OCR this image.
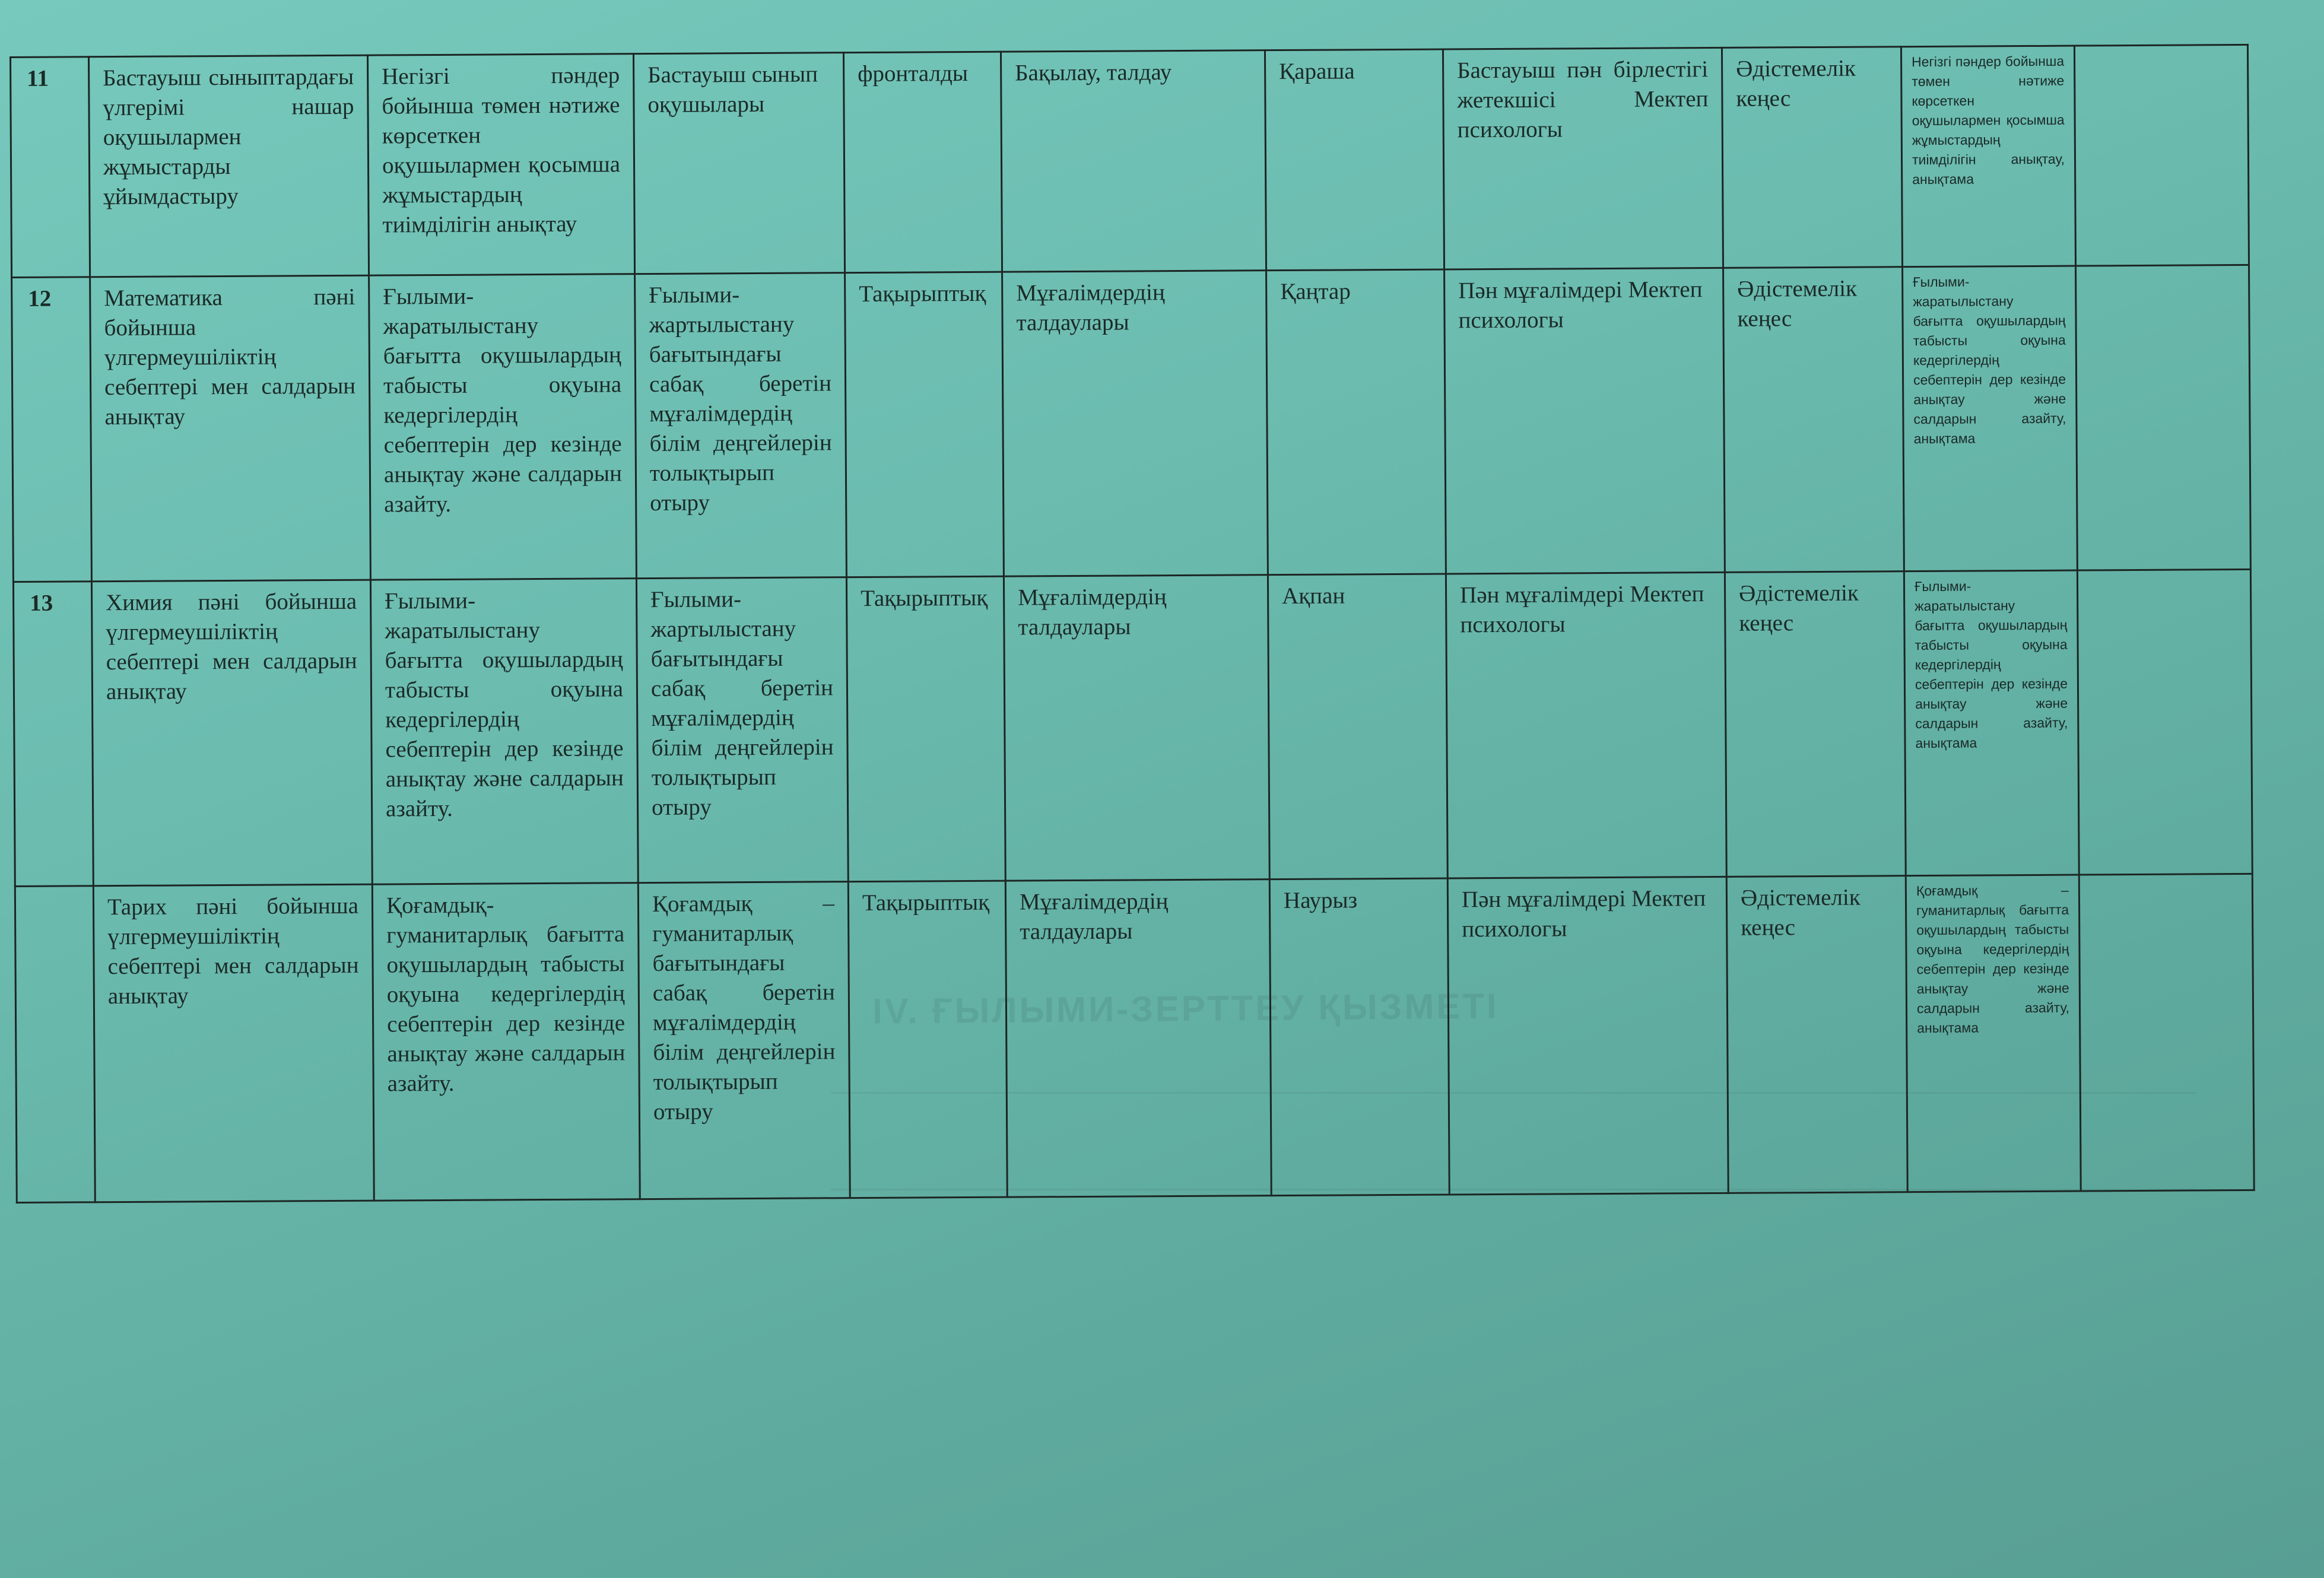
IV. ҒЫЛЫМИ-ЗЕРТТЕУ ҚЫЗМЕТІ
11	Бастауыш сыныптардағы үлгерімі нашар оқушылармен жұмыстарды ұйымдастыру	Негізгі пәндер бойынша төмен нәтиже көрсеткен оқушылармен қосымша жұмыстардың тиімділігін анықтау	Бастауыш сынып оқушылары	фронталды	Бақылау, талдау	Қараша	Бастауыш пән бірлестігі жетекшісі Мектеп психологы	Әдістемелік кеңес	Негізгі пәндер бойынша төмен нәтиже көрсеткен оқушылармен қосымша жұмыстардың тиімділігін анықтау, анықтама	
12	Математика пәні бойынша үлгермеушіліктің себептері мен салдарын анықтау	Ғылыми-жаратылыстану бағытта оқушылардың табысты оқуына кедергілердің себептерін дер кезінде анықтау және салдарын азайту.	Ғылыми-жартылыстану бағытындағы сабақ беретін мұғалімдердің білім деңгейлерін толықтырып отыру	Тақырыптық	Мұғалімдердің талдаулары	Қаңтар	Пән мұғалімдері Мектеп психологы	Әдістемелік кеңес	Ғылыми-жаратылыстану бағытта оқушылардың табысты оқуына кедергілердің себептерін дер кезінде анықтау және салдарын азайту, анықтама	
13	Химия пәні бойынша үлгермеушіліктің себептері мен салдарын анықтау	Ғылыми-жаратылыстану бағытта оқушылардың табысты оқуына кедергілердің себептерін дер кезінде анықтау және салдарын азайту.	Ғылыми-жартылыстану бағытындағы сабақ беретін мұғалімдердің білім деңгейлерін толықтырып отыру	Тақырыптық	Мұғалімдердің талдаулары	Ақпан	Пән мұғалімдері Мектеп психологы	Әдістемелік кеңес	Ғылыми-жаратылыстану бағытта оқушылардың табысты оқуына кедергілердің себептерін дер кезінде анықтау және салдарын азайту, анықтама	
	Тарих пәні бойынша үлгермеушіліктің себептері мен салдарын анықтау	Қоғамдық-гуманитарлық бағытта оқушылардың табысты оқуына кедергілердің себептерін дер кезінде анықтау және салдарын азайту.	Қоғамдық – гуманитарлық бағытындағы сабақ беретін мұғалімдердің білім деңгейлерін толықтырып отыру	Тақырыптық	Мұғалімдердің талдаулары	Наурыз	Пән мұғалімдері Мектеп психологы	Әдістемелік кеңес	Қоғамдық – гуманитарлық бағытта оқушылардың табысты оқуына кедергілердің себептерін дер кезінде анықтау және салдарын азайту, анықтама	
